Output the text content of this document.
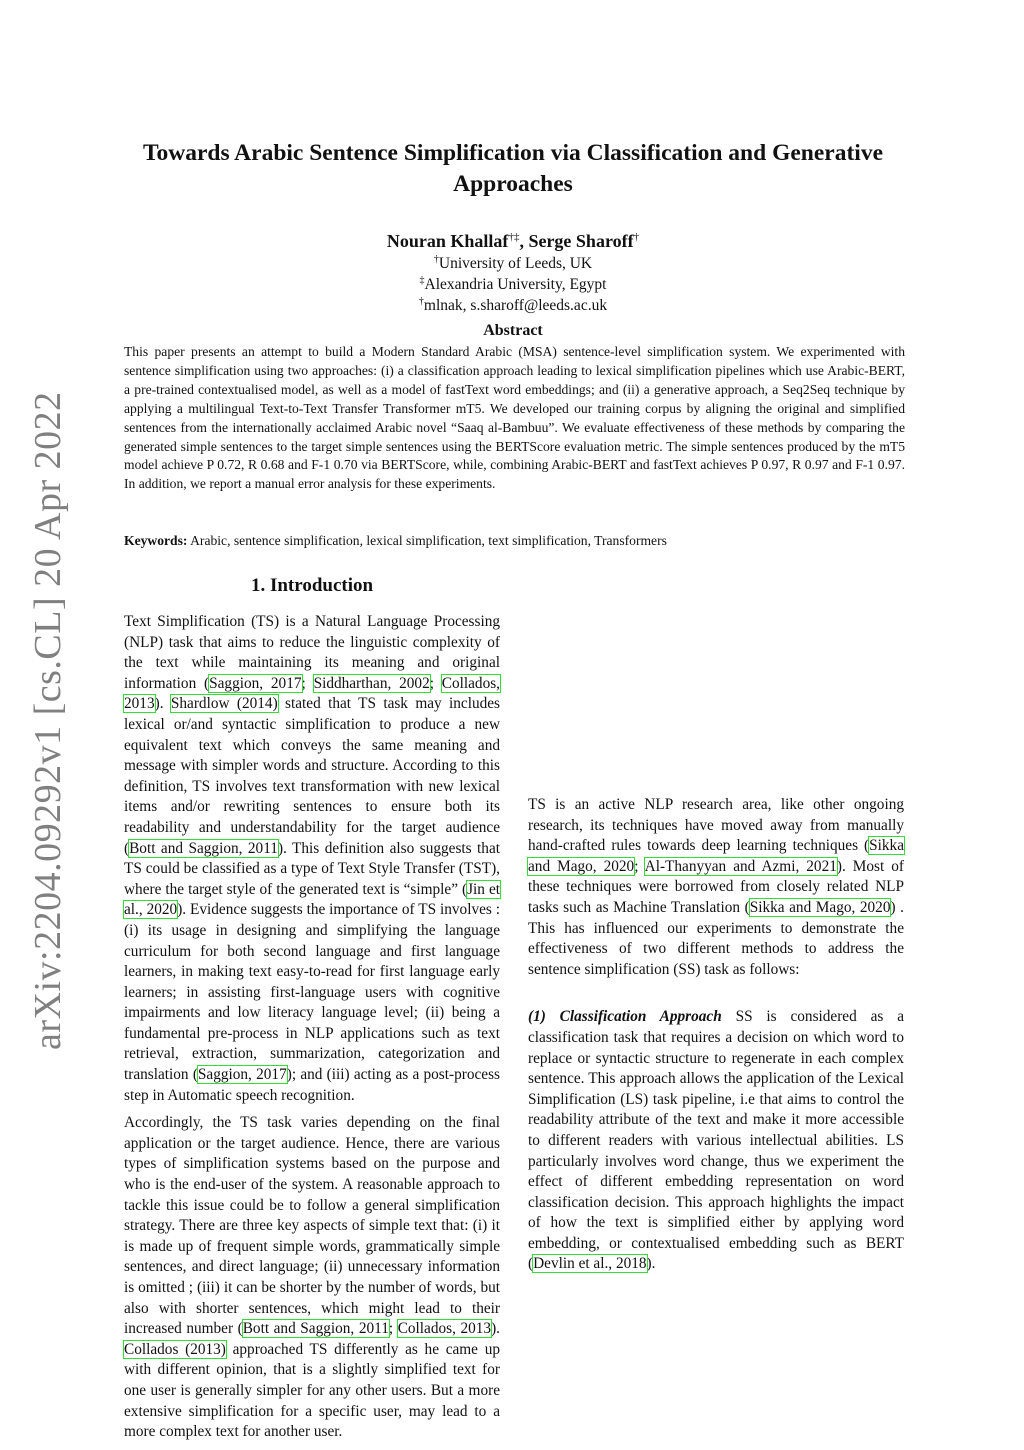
arXiv:2204.09292v1 [cs.CL] 20 Apr 2022
Towards Arabic Sentence Simplification via Classification and Generative Approaches
Nouran Khallaf†‡, Serge Sharoff†
†University of Leeds, UK
‡Alexandria University, Egypt
†mlnak, s.sharoff@leeds.ac.uk
Abstract

This paper presents an attempt to build a Modern Standard Arabic (MSA) sentence-level simplification system. We experimented with sentence simplification using two approaches: (i) a classification approach leading to lexical simplification pipelines which use Arabic-BERT, a pre-trained contextualised model, as well as a model of fastText word embeddings; and (ii) a generative approach, a Seq2Seq technique by applying a multilingual Text-to-Text Transfer Transformer mT5. We developed our training corpus by aligning the original and simplified sentences from the internationally acclaimed Arabic novel “Saaq al-Bambuu”. We evaluate effectiveness of these methods by comparing the generated simple sentences to the target simple sentences using the BERTScore evaluation metric. The simple sentences produced by the mT5 model achieve P 0.72, R 0.68 and F-1 0.70 via BERTScore, while, combining Arabic-BERT and fastText achieves P 0.97, R 0.97 and F-1 0.97. In addition, we report a manual error analysis for these experiments.

Keywords: Arabic, sentence simplification, lexical simplification, text simplification, Transformers
1. Introduction

Text Simplification (TS) is a Natural Language Processing (NLP) task that aims to reduce the linguistic complexity of the text while maintaining its meaning and original information (Saggion, 2017; Siddharthan, 2002; Collados, 2013). Shardlow (2014) stated that TS task may includes lexical or/and syntactic simplification to produce a new equivalent text which conveys the same meaning and message with simpler words and structure. According to this definition, TS involves text transformation with new lexical items and/or rewriting sentences to ensure both its readability and understandability for the target audience (Bott and Saggion, 2011). This definition also suggests that TS could be classified as a type of Text Style Transfer (TST), where the target style of the generated text is “simple” (Jin et al., 2020). Evidence suggests the importance of TS involves : (i) its usage in designing and simplifying the language curriculum for both second language and first language learners, in making text easy-to-read for first language early learners; in assisting first-language users with cognitive impairments and low literacy language level; (ii) being a fundamental pre-process in NLP applications such as text retrieval, extraction, summarization, categorization and translation (Saggion, 2017); and (iii) acting as a post-process step in Automatic speech recognition.

Accordingly, the TS task varies depending on the final application or the target audience. Hence, there are various types of simplification systems based on the purpose and who is the end-user of the system. A reasonable approach to tackle this issue could be to follow a general simplification strategy. There are three key aspects of simple text that: (i) it is made up of frequent simple words, grammatically simple sentences, and direct language; (ii) unnecessary information is omitted ; (iii) it can be shorter by the number of words, but also with shorter sentences, which might lead to their increased number (Bott and Saggion, 2011; Collados, 2013). Collados (2013) approached TS differently as he came up with different opinion, that is a slightly simplified text for one user is generally simpler for any other users. But a more extensive simplification for a specific user, may lead to a more complex text for another user.

TS is an active NLP research area, like other ongoing research, its techniques have moved away from manually hand-crafted rules towards deep learning techniques (Sikka and Mago, 2020; Al-Thanyyan and Azmi, 2021). Most of these techniques were borrowed from closely related NLP tasks such as Machine Translation (Sikka and Mago, 2020) . This has influenced our experiments to demonstrate the effectiveness of two different methods to address the sentence simplification (SS) task as follows:

(1) Classification Approach SS is considered as a classification task that requires a decision on which word to replace or syntactic structure to regenerate in each complex sentence. This approach allows the application of the Lexical Simplification (LS) task pipeline, i.e that aims to control the readability attribute of the text and make it more accessible to different readers with various intellectual abilities. LS particularly involves word change, thus we experiment the effect of different embedding representation on word classification decision. This approach highlights the impact of how the text is simplified either by applying word embedding, or contextualised embedding such as BERT (Devlin et al., 2018).
